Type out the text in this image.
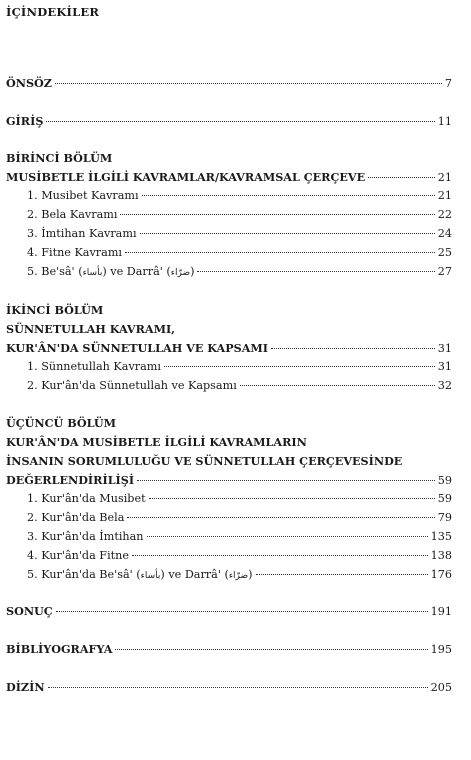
İÇİNDEKİLER
ÖNSÖZ	7
GİRİŞ	11
BİRİNCİ BÖLÜM
MUSİBETLE İLGİLİ KAVRAMLAR/KAVRAMSAL ÇERÇEVE	21
1. Musibet Kavramı	21
2. Bela Kavramı	22
3. İmtihan Kavramı	24
4. Fitne Kavramı	25
5. Be'sâ' (بأساء) ve Darrâ' (ضرّاء)	27
İKİNCİ BÖLÜM
SÜNNETULLAH KAVRAMI,
KUR'ÂN'DA SÜNNETULLAH VE KAPSAMI	31
1. Sünnetullah Kavramı	31
2. Kur'ân'da Sünnetullah ve Kapsamı	32
ÜÇÜNCÜ BÖLÜM
KUR'ÂN'DA MUSİBETLE İLGİLİ KAVRAMLARIN
İNSANIN SORUMLULUĞU VE SÜNNETULLAH ÇERÇEVESİNDE
DEĞERLENDİRİLİŞİ	59
1. Kur'ân'da Musibet	59
2. Kur'ân'da Bela	79
3. Kur'ân'da İmtihan	135
4. Kur'ân'da Fitne	138
5. Kur'ân'da Be'sâ' (بأساء) ve Darrâ' (ضرّاء)	176
SONUÇ	191
BİBLİYOGRAFYA	195
DİZİN	205
